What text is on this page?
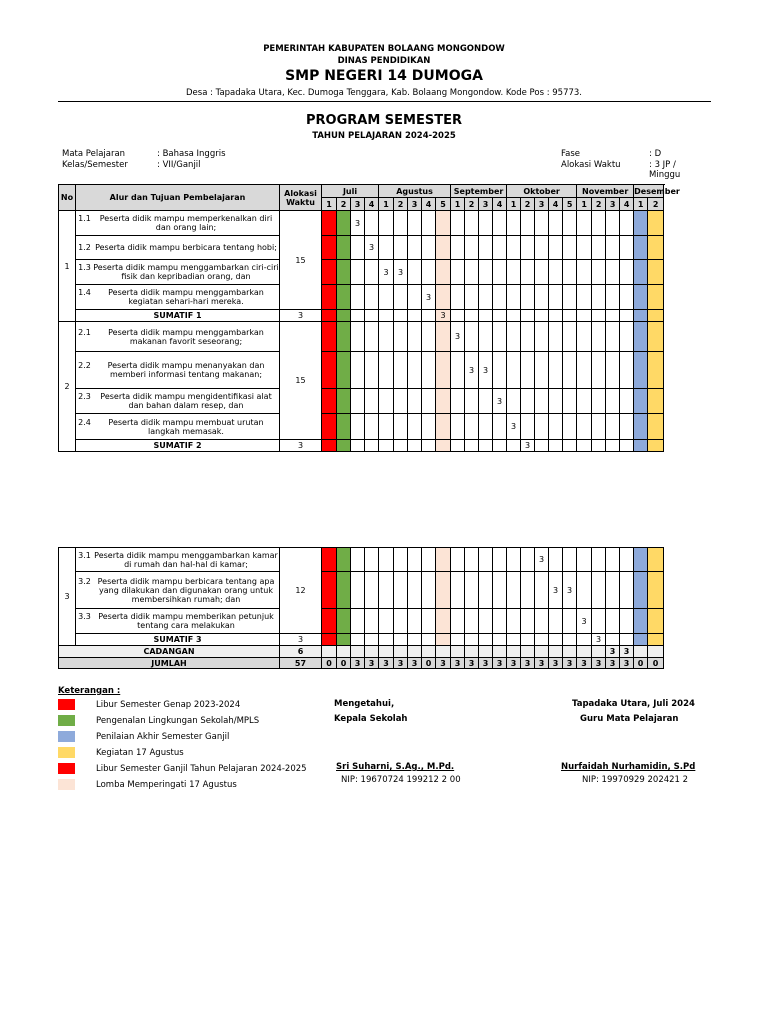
PEMERINTAH KABUPATEN BOLAANG MONGONDOW
DINAS PENDIDIKAN
SMP NEGERI 14 DUMOGA
Desa : Tapadaka Utara, Kec. Dumoga Tenggara, Kab. Bolaang Mongondow. Kode Pos : 95773.
PROGRAM SEMESTER
TAHUN PELAJARAN 2024-2025
Mata Pelajaran	: Bahasa Inggris
Kelas/Semester	: VII/Ganjil
Fase	: D
Alokasi Waktu	: 3 JP /
Minggu
No	Alur dan Tujuan Pembelajaran	Alokasi Waktu	Juli				Agustus					September				Oktober					November				Desember		
			1	2	3	4	1	2	3	4	5	1	2	3	4	1	2	3	4	5	1	2	3	4	1	2		
1	1.1 Peserta didik mampu memperkenalkan diri dan orang lain;	15			3																							

	1.2 Peserta didik mampu berbicara tentang hobi;					3																						

	1.3 Peserta didik mampu menggambarkan ciri-ciri fisik dan kepribadian orang, dan						3	3																				

	1.4 Peserta didik mampu menggambarkan kegiatan sehari-hari mereka.									3																		
	SUMATIF 1	3									3																	
2	2.1 Peserta didik mampu menggambarkan makanan favorit seseorang;	15										3																

	2.2 Peserta didik mampu menanyakan dan memberi informasi tentang makanan;												3	3														

	2.3 Peserta didik mampu mengidentifikasi alat dan bahan dalam resep, dan														3													

	2.4 Peserta didik mampu membuat urutan langkah memasak.															3												
	SUMATIF 2	3															3											
3	3.1 Peserta didik mampu menggambarkan kamar di rumah dan hal-hal di kamar;	12																3										

	3.2 Peserta didik mampu berbicara tentang apa yang dilakukan dan digunakan orang untuk membersihkan rumah; dan																		3	3								

	3.3 Peserta didik mampu memberikan petunjuk tentang cara melakukan																				3							
	SUMATIF 3	3																				3						
CADANGAN		6																					3	3				
JUMLAH		57	0	0	3	3	3	3	3	0	3	3	3	3	3	3	3	3	3	3	3	3	3	3	0	0		
Keterangan :
Libur Semester Genap 2023-2024
Pengenalan Lingkungan Sekolah/MPLS
Penilaian Akhir Semester Ganjil
Kegiatan 17 Agustus
Libur Semester Ganjil Tahun Pelajaran 2024-2025
Lomba Memperingati 17 Agustus
Mengetahui,
Kepala Sekolah
Sri Suharni, S.Ag., M.Pd.
NIP: 19670724 199212 2 00
Tapadaka Utara, Juli 2024
Guru Mata Pelajaran
Nurfaidah Nurhamidin, S.Pd
NIP: 19970929 202421 2
